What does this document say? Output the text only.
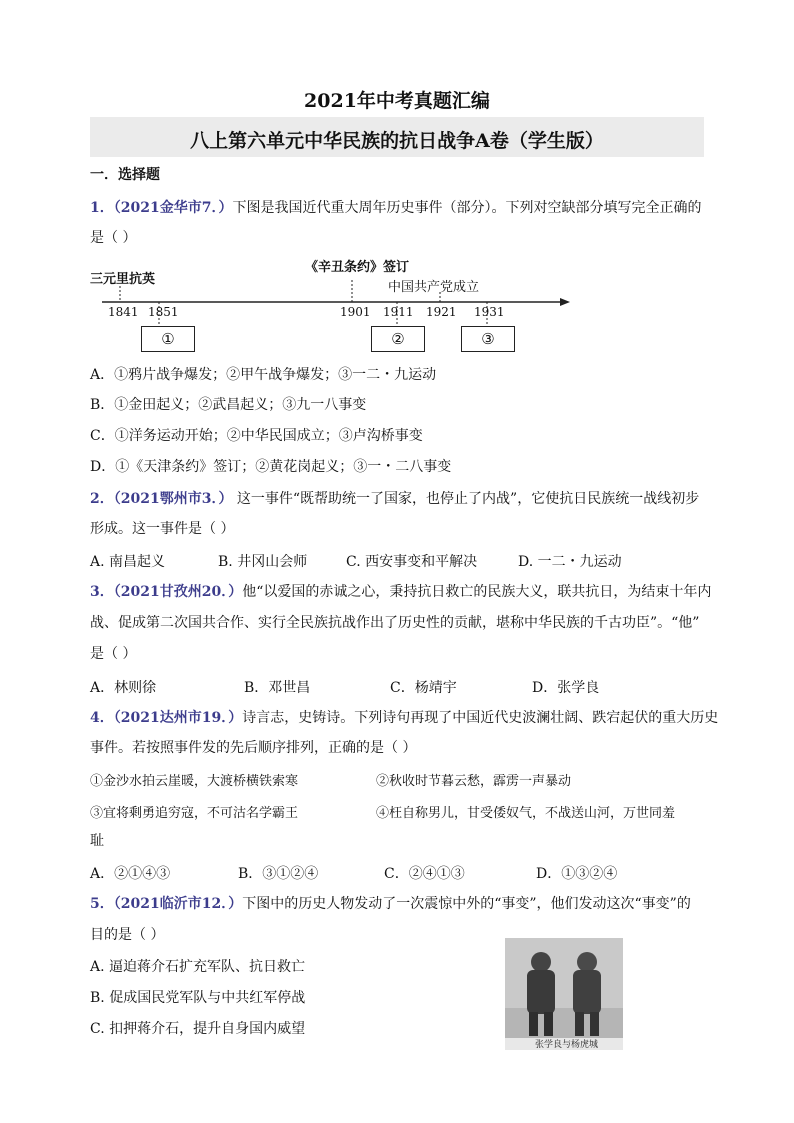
2021年中考真题汇编
八上第六单元中华民族的抗日战争A卷（学生版）
一．选择题
1．（2021金华市7．）下图是我国近代重大周年历史事件（部分）。下列对空缺部分填写完全正确的
是（ ）
三元里抗英
《辛丑条约》签订
中国共产党成立
1841 1851	1901 1911 1921 1931
①	②	③
A．①鸦片战争爆发；②甲午战争爆发；③一二・九运动
B．①金田起义；②武昌起义；③九一八事变
C．①洋务运动开始；②中华民国成立；③卢沟桥事变
D．①《天津条约》签订；②黄花岗起义；③一・二八事变
2．（2021鄂州市3．） 这一事件“既帮助统一了国家，也停止了内战”，它使抗日民族统一战线初步
形成。这一事件是（ ）
A. 南昌起义	B. 井冈山会师	C. 西安事变和平解决	D. 一二・九运动
3．（2021甘孜州20．）他“以爱国的赤诚之心，秉持抗日救亡的民族大义，联共抗日，为结束十年内
战、促成第二次国共合作、实行全民族抗战作出了历史性的贡献，堪称中华民族的千古功臣”。“他”
是（ ）
A．林则徐	B．邓世昌	C．杨靖宇	D．张学良
4．（2021达州市19．）诗言志，史铸诗。下列诗句再现了中国近代史波澜壮阔、跌宕起伏的重大历史
事件。若按照事件发的先后顺序排列，正确的是（ ）
①金沙水拍云崖暖，大渡桥横铁索寒	②秋收时节暮云愁，霹雳一声暴动
③宜将剩勇追穷寇，不可沽名学霸王	④枉自称男儿，甘受倭奴气，不战送山河，万世同羞
耻
A．②①④③	B．③①②④	C．②④①③	D．①③②④
5．（2021临沂市12．）下图中的历史人物发动了一次震惊中外的“事变”，他们发动这次“事变”的
目的是（ ）
A. 逼迫蒋介石扩充军队、抗日救亡
B. 促成国民党军队与中共红军停战
C. 扣押蒋介石，提升自身国内威望
张学良与杨虎城
